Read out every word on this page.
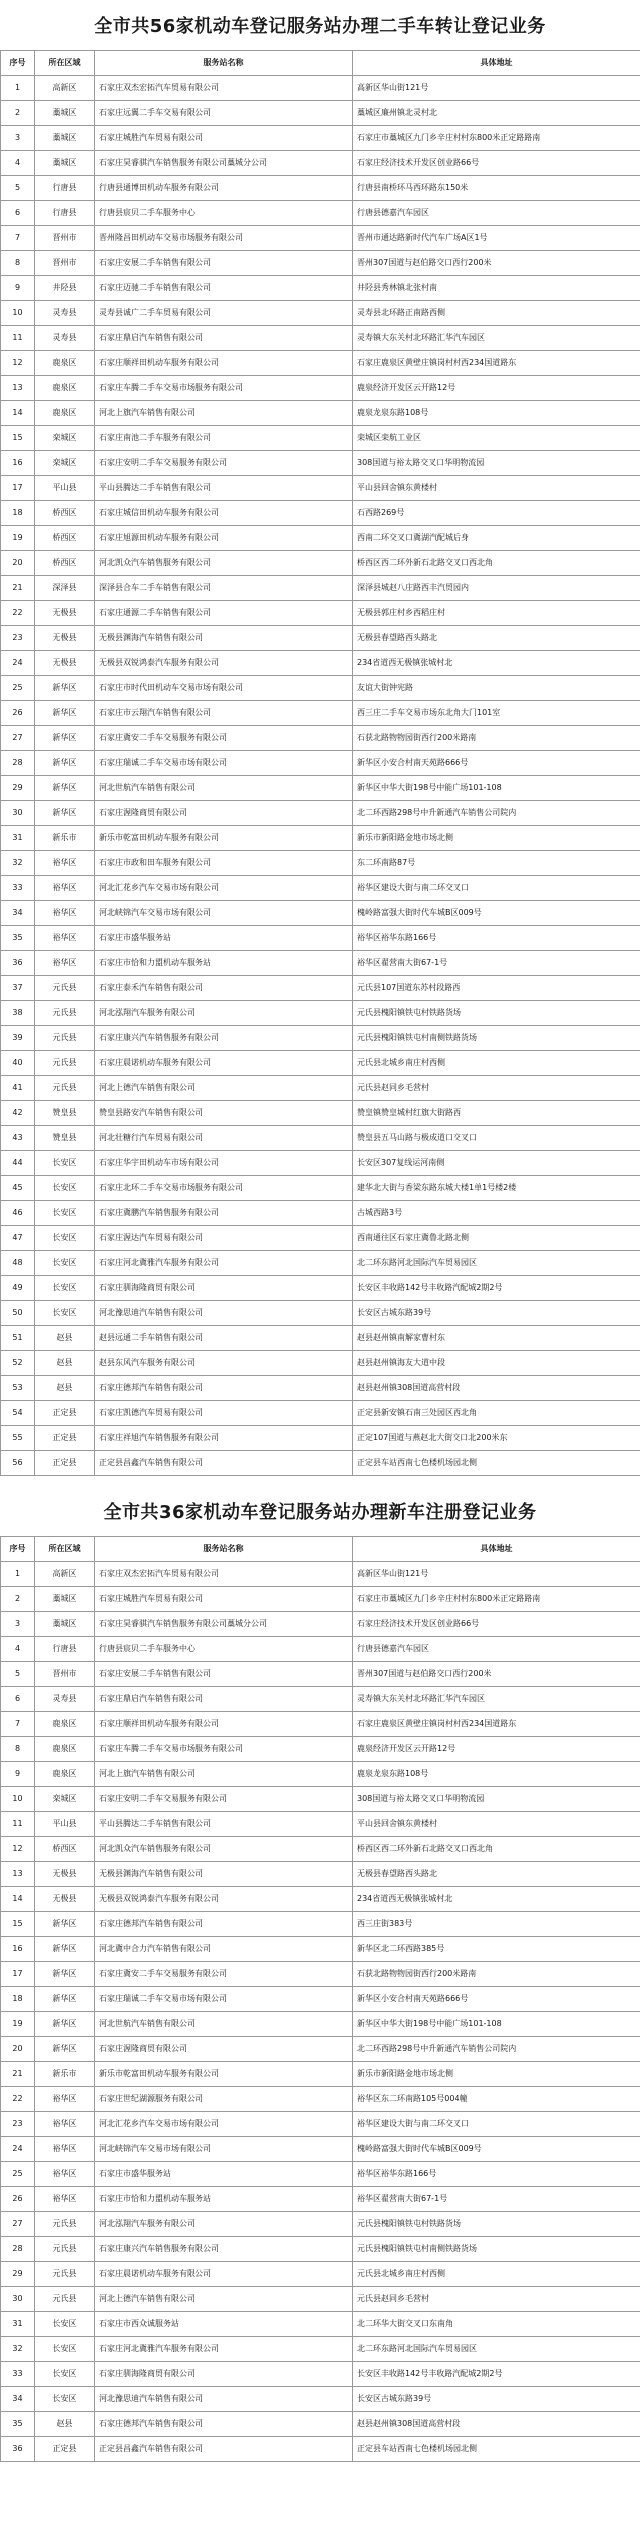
全市共56家机动车登记服务站办理二手车转让登记业务
序号	所在区域	服务站名称	具体地址
1	高新区	石家庄双杰宏拓汽车贸易有限公司	高新区华山街121号
2	藁城区	石家庄远翼二手车交易有限公司	藁城区廉州镇北灵村北
3	藁城区	石家庄城胜汽车贸易有限公司	石家庄市藁城区九门乡辛庄村村东800米正定路路南
4	藁城区	石家庄昊睿骐汽车销售服务有限公司藁城分公司	石家庄经济技术开发区创业路66号
5	行唐县	行唐县通博田机动车服务有限公司	行唐县南桥环马西环路东150米
6	行唐县	行唐县宸贝二手车服务中心	行唐县德嘉汽车园区
7	晋州市	晋州隆昌田机动车交易市场服务有限公司	晋州市通达路新时代汽车广场A区1号
8	晋州市	石家庄安展二手车销售有限公司	晋州307国道与赵伯路交口西行200米
9	井陉县	石家庄迈驰二手车销售有限公司	井陉县秀林镇北张村南
10	灵寿县	灵寿县诚广二手车贸易有限公司	灵寿县北环路正南路西侧
11	灵寿县	石家庄鼎启汽车销售有限公司	灵寿镇大东关村北环路汇华汽车园区
12	鹿泉区	石家庄顺祥田机动车服务有限公司	石家庄鹿泉区黄壁庄镇岗村村西234国道路东
13	鹿泉区	石家庄车腾二手车交易市场服务有限公司	鹿泉经济开发区云开路12号
14	鹿泉区	河北上旗汽车销售有限公司	鹿泉龙泉东路108号
15	栾城区	石家庄南池二手车服务有限公司	栾城区栾航工业区
16	栾城区	石家庄安明二手车交易服务有限公司	308国道与裕太路交叉口华明物流园
17	平山县	平山县腾达二手车销售有限公司	平山县回舍镇东黄楼村
18	桥西区	石家庄城信田机动车服务有限公司	石西路269号
19	桥西区	石家庄旭源田机动车服务有限公司	西南二环交叉口冀湖汽配城后身
20	桥西区	河北凯众汽车销售服务有限公司	桥西区西二环外新石北路交叉口西北角
21	深泽县	深泽县合车二手车销售有限公司	深泽县城赵八庄路西丰汽贸园内
22	无极县	石家庄通源二手车销售有限公司	无极县郭庄村乡西稻庄村
23	无极县	无极县渊海汽车销售有限公司	无极县春望路西头路北
24	无极县	无极县双锐鸿泰汽车服务有限公司	234省道西无极镇张城村北
25	新华区	石家庄市时代田机动车交易市场有限公司	友谊大街钟宪路
26	新华区	石家庄市云翔汽车销售有限公司	西三庄二手车交易市场东北角大门101室
27	新华区	石家庄冀安二手车交易服务有限公司	石获北路物物园街西行200米路南
28	新华区	石家庄瑞诚二手车交易市场有限公司	新华区小安合村南天苑路666号
29	新华区	河北世航汽车销售有限公司	新华区中华大街198号中能广场101-108
30	新华区	石家庄渥隆商贸有限公司	北二环西路298号中升新通汽车销售公司院内
31	新乐市	新乐市乾富田机动车服务有限公司	新乐市新阳路金地市场北侧
32	裕华区	石家庄市政和田车服务有限公司	东二环南路87号
33	裕华区	河北汇花乡汽车交易市场有限公司	裕华区建设大街与南二环交叉口
34	裕华区	河北峡锦汽车交易市场有限公司	槐岭路富强大街时代车城B区009号
35	裕华区	石家庄市盛华服务站	裕华区裕华东路166号
36	裕华区	石家庄市恰和力盟机动车服务站	裕华区翟营南大街67-1号
37	元氏县	石家庄泰禾汽车销售有限公司	元氏县107国道东苏村段路西
38	元氏县	河北泓翔汽车服务有限公司	元氏县槐阳镇铁屯村铁路货场
39	元氏县	石家庄康兴汽车销售服务有限公司	元氏县槐阳镇铁屯村南侧铁路货场
40	元氏县	石家庄晨诺机动车服务有限公司	元氏县北城乡南庄村西侧
41	元氏县	河北上德汽车销售有限公司	元氏县赵同乡毛营村
42	赞皇县	赞皇县路安汽车销售有限公司	赞皇镇赞皇城村红旗大街路西
43	赞皇县	河北壮糖行汽车贸易有限公司	赞皇县五马山路与极成道口交叉口
44	长安区	石家庄华宇田机动车市场有限公司	长安区307复线运河南侧
45	长安区	石家庄北环二手车交易市场服务有限公司	建华北大街与香梁东路东城大楼1单1号楼2楼
46	长安区	石家庄冀鹏汽车销售服务有限公司	古城西路3号
47	长安区	石家庄渥达汽车贸易有限公司	西南通往区石家庄冀鲁北路北侧
48	长安区	石家庄河北冀雅汽车服务有限公司	北二环东路河北国际汽车贸易园区
49	长安区	石家庄驯海隆商贸有限公司	长安区丰收路142号丰收路汽配城2期2号
50	长安区	河北豫思迪汽车销售有限公司	长安区古城东路39号
51	赵县	赵县远通二手车销售有限公司	赵县赵州镇南解家曹村东
52	赵县	赵县东风汽车服务有限公司	赵县赵州镇海友大道中段
53	赵县	石家庄德邦汽车销售有限公司	赵县赵州镇308国道高营村段
54	正定县	石家庄凯德汽车贸易有限公司	正定县新安镇石南三处园区西北角
55	正定县	石家庄祥旭汽车销售服务有限公司	正定107国道与燕赵北大街交口北200米东
56	正定县	正定县昌鑫汽车销售有限公司	正定县车站西南七色楼机场园北侧
全市共36家机动车登记服务站办理新车注册登记业务
序号	所在区域	服务站名称	具体地址
1	高新区	石家庄双杰宏拓汽车贸易有限公司	高新区华山街121号
2	藁城区	石家庄城胜汽车贸易有限公司	石家庄市藁城区九门乡辛庄村村东800米正定路路南
3	藁城区	石家庄昊睿骐汽车销售服务有限公司藁城分公司	石家庄经济技术开发区创业路66号
4	行唐县	行唐县宸贝二手车服务中心	行唐县德嘉汽车园区
5	晋州市	石家庄安展二手车销售有限公司	晋州307国道与赵伯路交口西行200米
6	灵寿县	石家庄鼎启汽车销售有限公司	灵寿镇大东关村北环路汇华汽车园区
7	鹿泉区	石家庄顺祥田机动车服务有限公司	石家庄鹿泉区黄壁庄镇岗村村西234国道路东
8	鹿泉区	石家庄车腾二手车交易市场服务有限公司	鹿泉经济开发区云开路12号
9	鹿泉区	河北上旗汽车销售有限公司	鹿泉龙泉东路108号
10	栾城区	石家庄安明二手车交易服务有限公司	308国道与裕太路交叉口华明物流园
11	平山县	平山县腾达二手车销售有限公司	平山县回舍镇东黄楼村
12	桥西区	河北凯众汽车销售服务有限公司	桥西区西二环外新石北路交叉口西北角
13	无极县	无极县渊海汽车销售有限公司	无极县春望路西头路北
14	无极县	无极县双锐鸿泰汽车服务有限公司	234省道西无极镇张城村北
15	新华区	石家庄德邦汽车销售有限公司	西三庄街383号
16	新华区	河北冀中合力汽车销售有限公司	新华区北二环西路385号
17	新华区	石家庄冀安二手车交易服务有限公司	石获北路物物园街西行200米路南
18	新华区	石家庄瑞诚二手车交易市场有限公司	新华区小安合村南天苑路666号
19	新华区	河北世航汽车销售有限公司	新华区中华大街198号中能广场101-108
20	新华区	石家庄渥隆商贸有限公司	北二环西路298号中升新通汽车销售公司院内
21	新乐市	新乐市乾富田机动车服务有限公司	新乐市新阳路金地市场北侧
22	裕华区	石家庄世纪湖源服务有限公司	裕华区东二环南路105号004幢
23	裕华区	河北汇花乡汽车交易市场有限公司	裕华区建设大街与南二环交叉口
24	裕华区	河北峡锦汽车交易市场有限公司	槐岭路富强大街时代车城B区009号
25	裕华区	石家庄市盛华服务站	裕华区裕华东路166号
26	裕华区	石家庄市恰和力盟机动车服务站	裕华区翟营南大街67-1号
27	元氏县	河北泓翔汽车服务有限公司	元氏县槐阳镇铁屯村铁路货场
28	元氏县	石家庄康兴汽车销售服务有限公司	元氏县槐阳镇铁屯村南侧铁路货场
29	元氏县	石家庄晨诺机动车服务有限公司	元氏县北城乡南庄村西侧
30	元氏县	河北上德汽车销售有限公司	元氏县赵同乡毛营村
31	长安区	石家庄市西众诚服务站	北二环华大街交叉口东南角
32	长安区	石家庄河北冀雅汽车服务有限公司	北二环东路河北国际汽车贸易园区
33	长安区	石家庄驯海隆商贸有限公司	长安区丰收路142号丰收路汽配城2期2号
34	长安区	河北豫思迪汽车销售有限公司	长安区古城东路39号
35	赵县	石家庄德邦汽车销售有限公司	赵县赵州镇308国道高营村段
36	正定县	正定县昌鑫汽车销售有限公司	正定县车站西南七色楼机场园北侧
